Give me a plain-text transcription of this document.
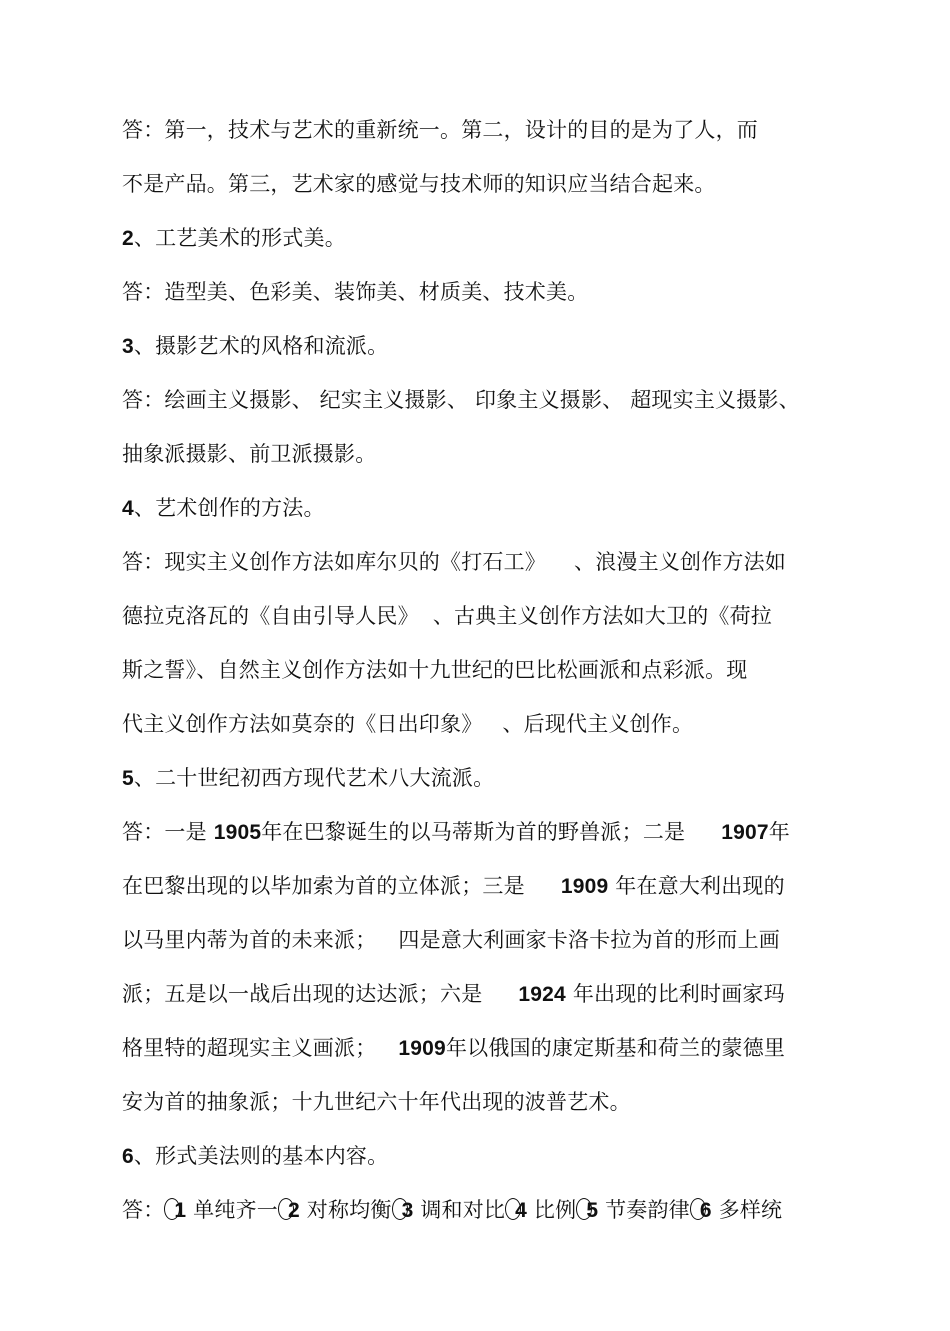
答：第一，技术与艺术的重新统一。第二，设计的目的是为了人，而
不是产品。第三，艺术家的感觉与技术师的知识应当结合起来。
2、工艺美术的形式美。
答：造型美、色彩美、装饰美、材质美、技术美。
3、摄影艺术的风格和流派。
答：绘画主义摄影、 纪实主义摄影、 印象主义摄影、 超现实主义摄影、
抽象派摄影、前卫派摄影。
4、艺术创作的方法。
答：现实主义创作方法如库尔贝的《打石工》 、浪漫主义创作方法如
德拉克洛瓦的《自由引导人民》 、古典主义创作方法如大卫的《荷拉
斯之誓》、自然主义创作方法如十九世纪的巴比松画派和点彩派。现
代主义创作方法如莫奈的《日出印象》 、后现代主义创作。
5、二十世纪初西方现代艺术八大流派。
答：一是 1905年在巴黎诞生的以马蒂斯为首的野兽派；二是 1907年
在巴黎出现的以毕加索为首的立体派；三是 1909 年在意大利出现的
以马里内蒂为首的未来派； 四是意大利画家卡洛卡拉为首的形而上画
派；五是以一战后出现的达达派；六是 1924 年出现的比利时画家玛
格里特的超现实主义画派； 1909年以俄国的康定斯基和荷兰的蒙德里
安为首的抽象派；十九世纪六十年代出现的波普艺术。
6、形式美法则的基本内容。
答： 1 单纯齐一 2 对称均衡 3 调和对比 4 比例 5 节奏韵律 6 多样统
